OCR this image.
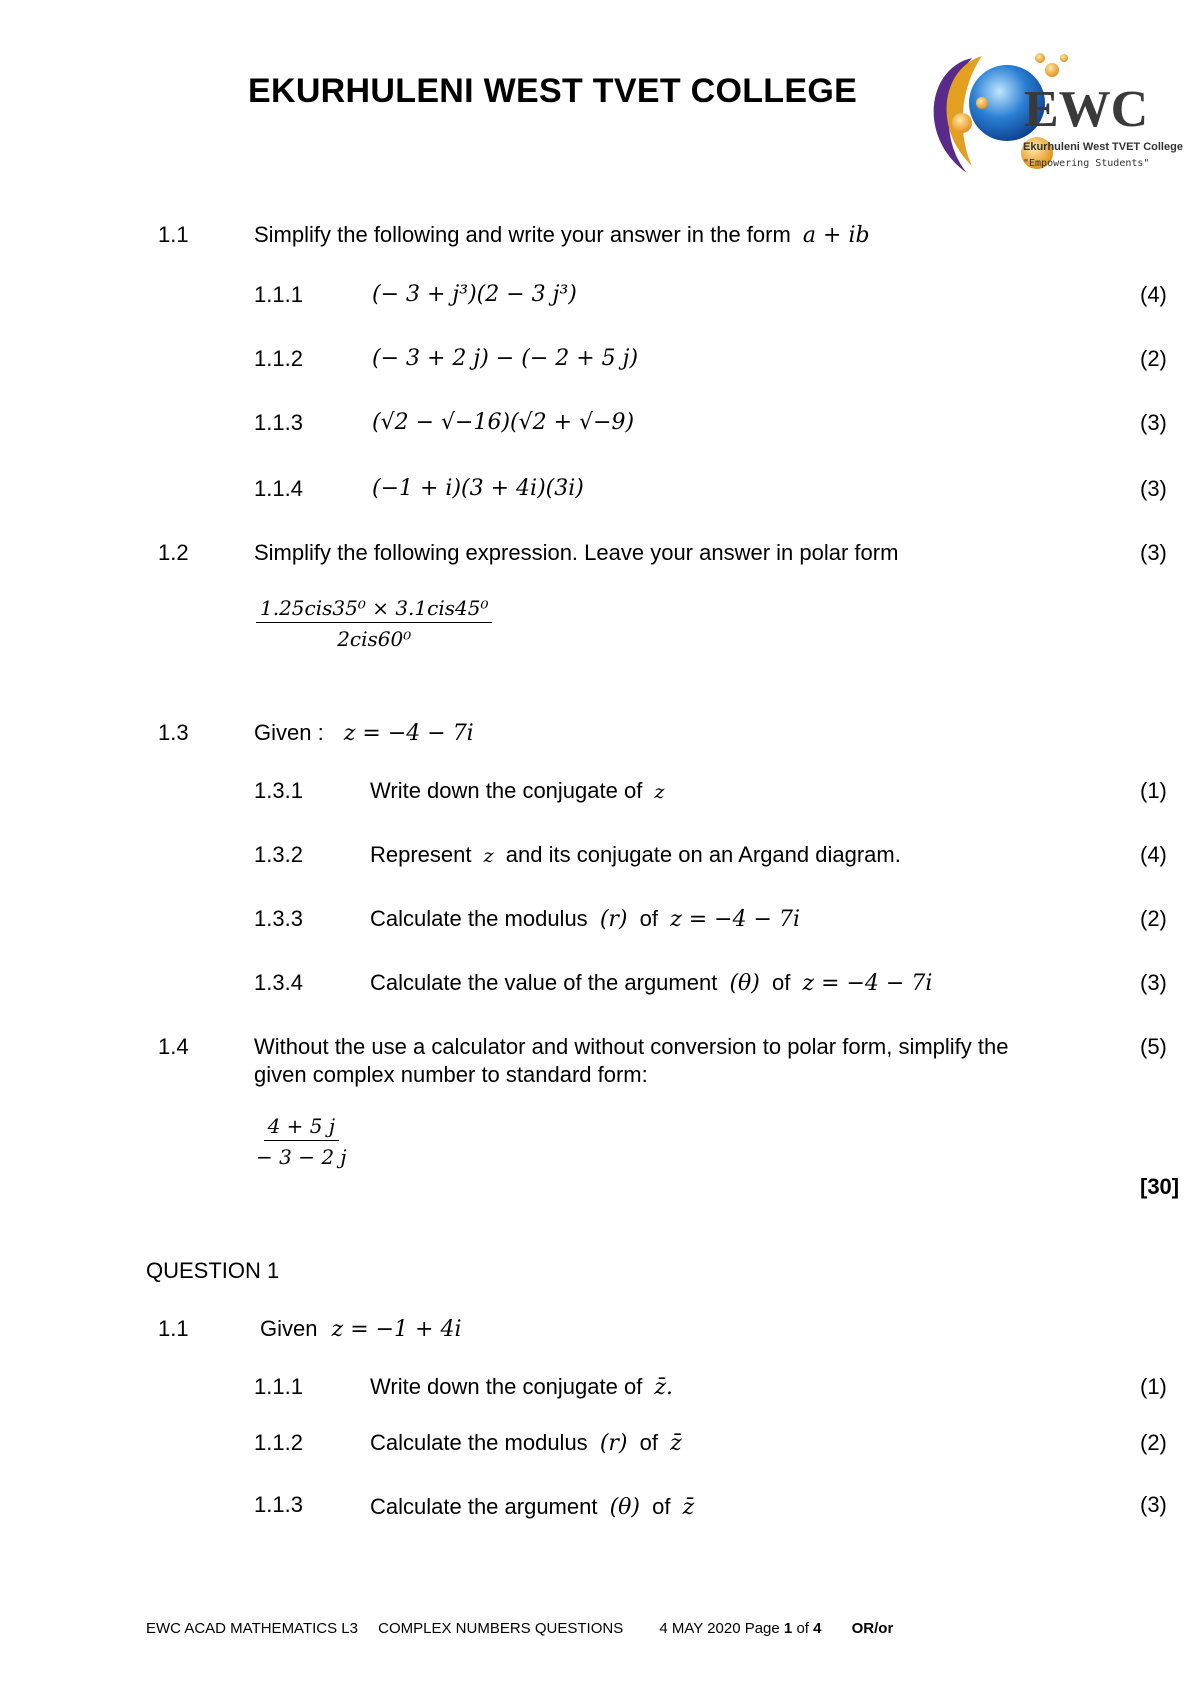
EKURHULENI WEST TVET COLLEGE	EWC
Ekurhuleni West TVET College
"Empowering Students"
1.1	Simplify the following and write your answer in the form a + ib
1.1.1	(− 3 + j³)(2 − 3 j³)	(4)
1.1.2	(− 3 + 2 j) − (− 2 + 5 j)	(2)
1.1.3	(√2 − √−16)(√2 + √−9)	(3)
1.1.4	(−1 + i)(3 + 4i)(3i)	(3)
1.2	Simplify the following expression. Leave your answer in polar form	(3)
$\frac{\text{1.25cis35⁰ × 3.1cis45⁰}}{\text{2cis60⁰}}$
1.3	Given : z = −4 − 7i
1.3.1	Write down the conjugate of z	(1)
1.3.2	Represent z and its conjugate on an Argand diagram.	(4)
1.3.3	Calculate the modulus (r) of z = −4 − 7i	(2)
1.3.4	Calculate the value of the argument (θ) of z = −4 − 7i	(3)
1.4	Without the use a calculator and without conversion to polar form, simplify the
given complex number to standard form:
(5)
$\frac{4 + 5 j}{- 3 - 2 j}$
[30]
QUESTION 1
1.1	Given z = −1 + 4i
1.1.1	Write down the conjugate of z̄.	(1)
1.1.2	Calculate the modulus (r) of z̄	(2)
1.1.3	Calculate the argument (θ) of z̄	(3)
EWC ACAD MATHEMATICS L3 COMPLEX NUMBERS QUESTIONS 4 MAY 2020 Page 1 of 4 OR/or
